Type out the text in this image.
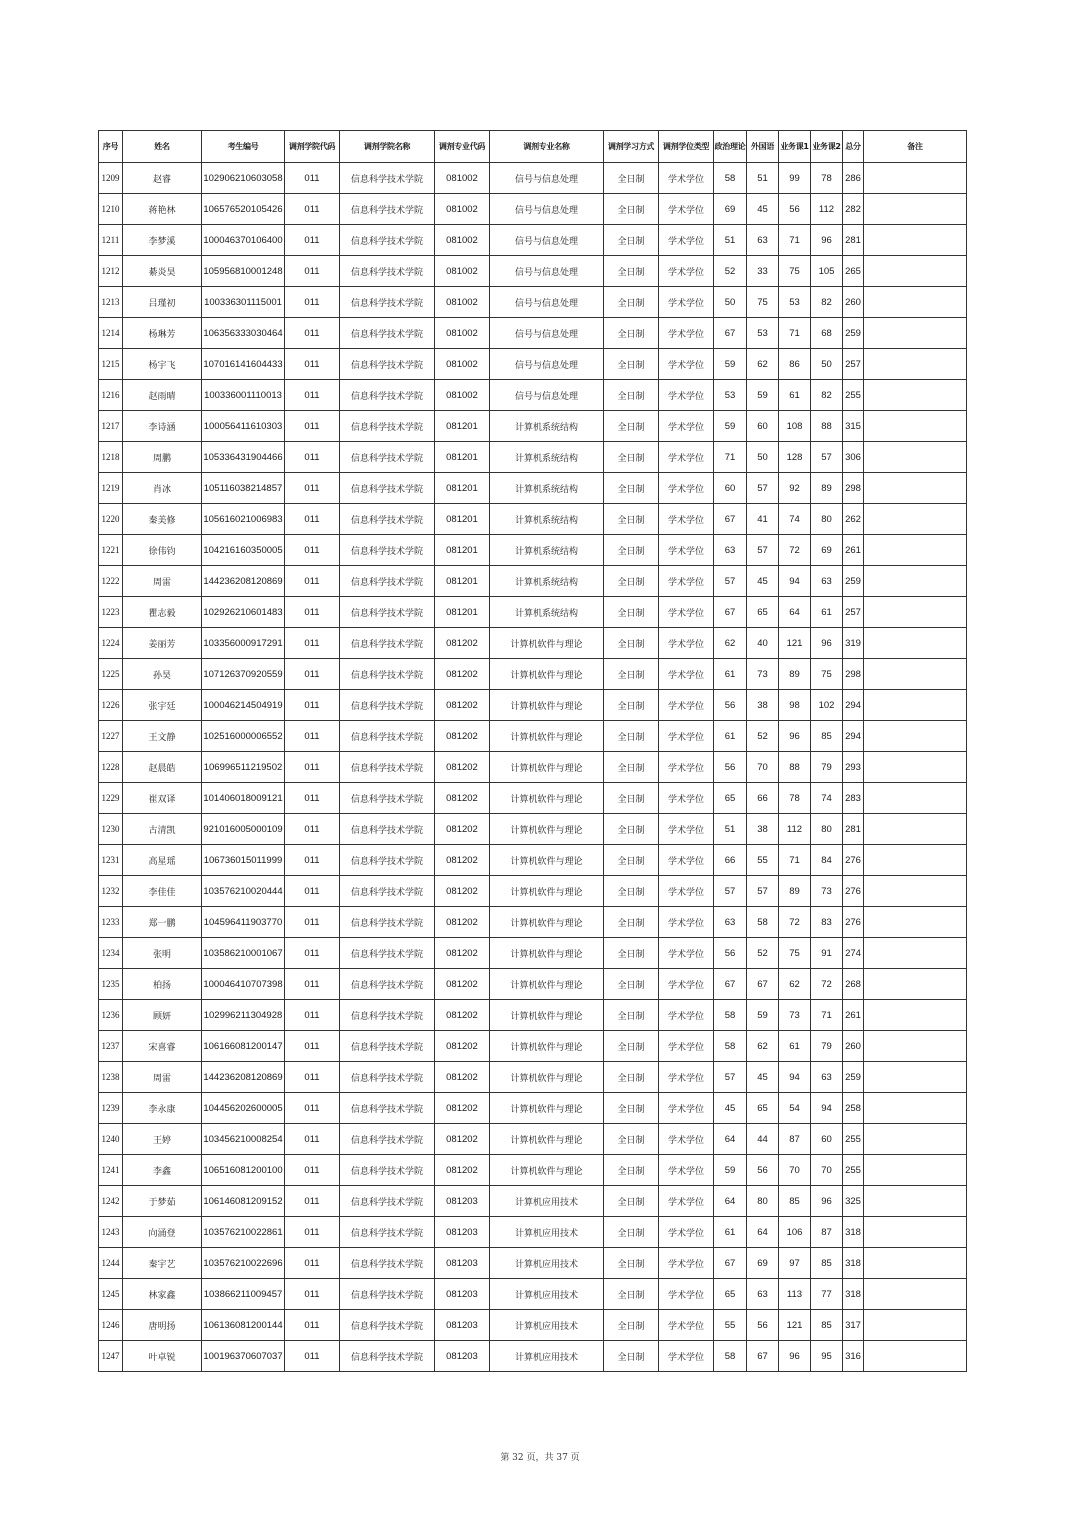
序号	姓名	考生编号	调剂学院代码	调剂学院名称	调剂专业代码	调剂专业名称	调剂学习方式	调剂学位类型	政治理论	外国语	业务课1	业务课2	总分	备注
1209	赵睿	102906210603058	011	信息科学技术学院	081002	信号与信息处理	全日制	学术学位	58	51	99	78	286	
1210	蒋艳林	106576520105426	011	信息科学技术学院	081002	信号与信息处理	全日制	学术学位	69	45	56	112	282	
1211	李梦溪	100046370106400	011	信息科学技术学院	081002	信号与信息处理	全日制	学术学位	51	63	71	96	281	
1212	綦炎昊	105956810001248	011	信息科学技术学院	081002	信号与信息处理	全日制	学术学位	52	33	75	105	265	
1213	吕瑾初	100336301115001	011	信息科学技术学院	081002	信号与信息处理	全日制	学术学位	50	75	53	82	260	
1214	杨琳芳	106356333030464	011	信息科学技术学院	081002	信号与信息处理	全日制	学术学位	67	53	71	68	259	
1215	杨宇飞	107016141604433	011	信息科学技术学院	081002	信号与信息处理	全日制	学术学位	59	62	86	50	257	
1216	赵雨晴	100336001110013	011	信息科学技术学院	081002	信号与信息处理	全日制	学术学位	53	59	61	82	255	
1217	李诗涵	100056411610303	011	信息科学技术学院	081201	计算机系统结构	全日制	学术学位	59	60	108	88	315	
1218	周鹏	105336431904466	011	信息科学技术学院	081201	计算机系统结构	全日制	学术学位	71	50	128	57	306	
1219	肖冰	105116038214857	011	信息科学技术学院	081201	计算机系统结构	全日制	学术学位	60	57	92	89	298	
1220	秦美修	105616021006983	011	信息科学技术学院	081201	计算机系统结构	全日制	学术学位	67	41	74	80	262	
1221	徐伟钧	104216160350005	011	信息科学技术学院	081201	计算机系统结构	全日制	学术学位	63	57	72	69	261	
1222	周雷	144236208120869	011	信息科学技术学院	081201	计算机系统结构	全日制	学术学位	57	45	94	63	259	
1223	瞿志毅	102926210601483	011	信息科学技术学院	081201	计算机系统结构	全日制	学术学位	67	65	64	61	257	
1224	姜丽芳	103356000917291	011	信息科学技术学院	081202	计算机软件与理论	全日制	学术学位	62	40	121	96	319	
1225	孙昊	107126370920559	011	信息科学技术学院	081202	计算机软件与理论	全日制	学术学位	61	73	89	75	298	
1226	张宇廷	100046214504919	011	信息科学技术学院	081202	计算机软件与理论	全日制	学术学位	56	38	98	102	294	
1227	王文静	102516000006552	011	信息科学技术学院	081202	计算机软件与理论	全日制	学术学位	61	52	96	85	294	
1228	赵晨皓	106996511219502	011	信息科学技术学院	081202	计算机软件与理论	全日制	学术学位	56	70	88	79	293	
1229	崔双译	101406018009121	011	信息科学技术学院	081202	计算机软件与理论	全日制	学术学位	65	66	78	74	283	
1230	古清凯	921016005000109	011	信息科学技术学院	081202	计算机软件与理论	全日制	学术学位	51	38	112	80	281	
1231	高星瑶	106736015011999	011	信息科学技术学院	081202	计算机软件与理论	全日制	学术学位	66	55	71	84	276	
1232	李佳佳	103576210020444	011	信息科学技术学院	081202	计算机软件与理论	全日制	学术学位	57	57	89	73	276	
1233	郑一鹏	104596411903770	011	信息科学技术学院	081202	计算机软件与理论	全日制	学术学位	63	58	72	83	276	
1234	张明	103586210001067	011	信息科学技术学院	081202	计算机软件与理论	全日制	学术学位	56	52	75	91	274	
1235	柏扬	100046410707398	011	信息科学技术学院	081202	计算机软件与理论	全日制	学术学位	67	67	62	72	268	
1236	顾妍	102996211304928	011	信息科学技术学院	081202	计算机软件与理论	全日制	学术学位	58	59	73	71	261	
1237	宋喜睿	106166081200147	011	信息科学技术学院	081202	计算机软件与理论	全日制	学术学位	58	62	61	79	260	
1238	周雷	144236208120869	011	信息科学技术学院	081202	计算机软件与理论	全日制	学术学位	57	45	94	63	259	
1239	李永康	104456202600005	011	信息科学技术学院	081202	计算机软件与理论	全日制	学术学位	45	65	54	94	258	
1240	王婷	103456210008254	011	信息科学技术学院	081202	计算机软件与理论	全日制	学术学位	64	44	87	60	255	
1241	李鑫	106516081200100	011	信息科学技术学院	081202	计算机软件与理论	全日制	学术学位	59	56	70	70	255	
1242	于梦茹	106146081209152	011	信息科学技术学院	081203	计算机应用技术	全日制	学术学位	64	80	85	96	325	
1243	向涌登	103576210022861	011	信息科学技术学院	081203	计算机应用技术	全日制	学术学位	61	64	106	87	318	
1244	秦宇艺	103576210022696	011	信息科学技术学院	081203	计算机应用技术	全日制	学术学位	67	69	97	85	318	
1245	林家鑫	103866211009457	011	信息科学技术学院	081203	计算机应用技术	全日制	学术学位	65	63	113	77	318	
1246	唐明扬	106136081200144	011	信息科学技术学院	081203	计算机应用技术	全日制	学术学位	55	56	121	85	317	
1247	叶卓锐	100196370607037	011	信息科学技术学院	081203	计算机应用技术	全日制	学术学位	58	67	96	95	316	
第 32 页，共 37 页
